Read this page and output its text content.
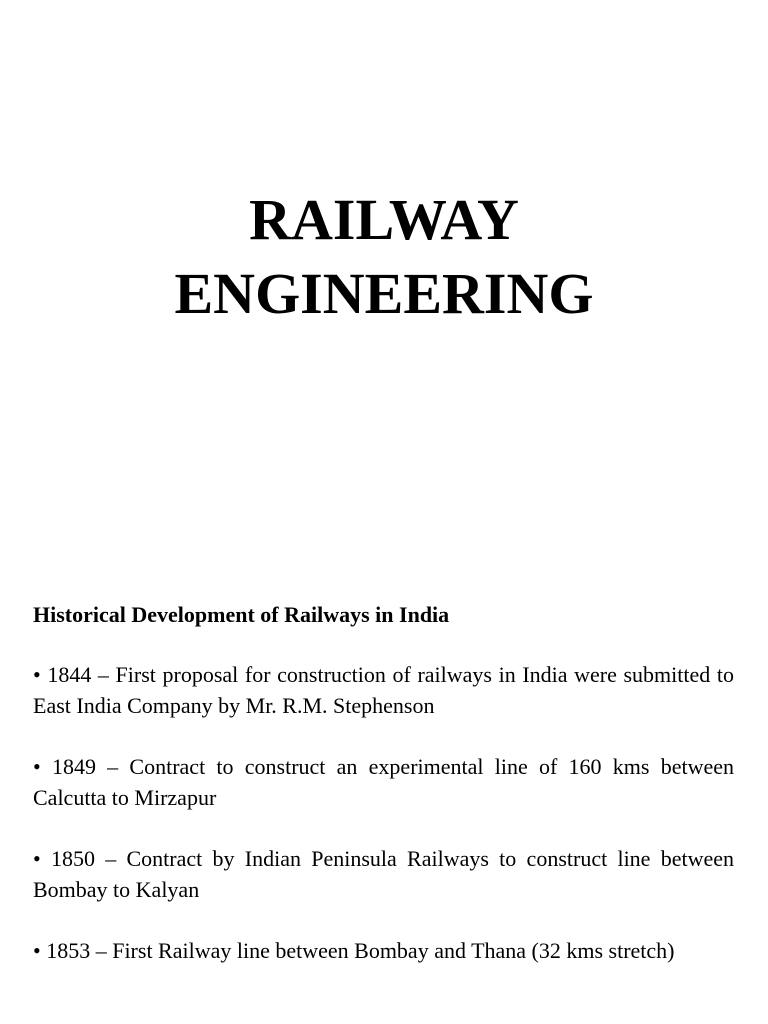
RAILWAY
ENGINEERING

Historical Development of Railways in India

• 1844 – First proposal for construction of railways in India were submitted to East India Company by Mr. R.M. Stephenson

• 1849 – Contract to construct an experimental line of 160 kms between Calcutta to Mirzapur

• 1850 – Contract by Indian Peninsula Railways to construct line between Bombay to Kalyan

• 1853 – First Railway line between Bombay and Thana (32 kms stretch)
